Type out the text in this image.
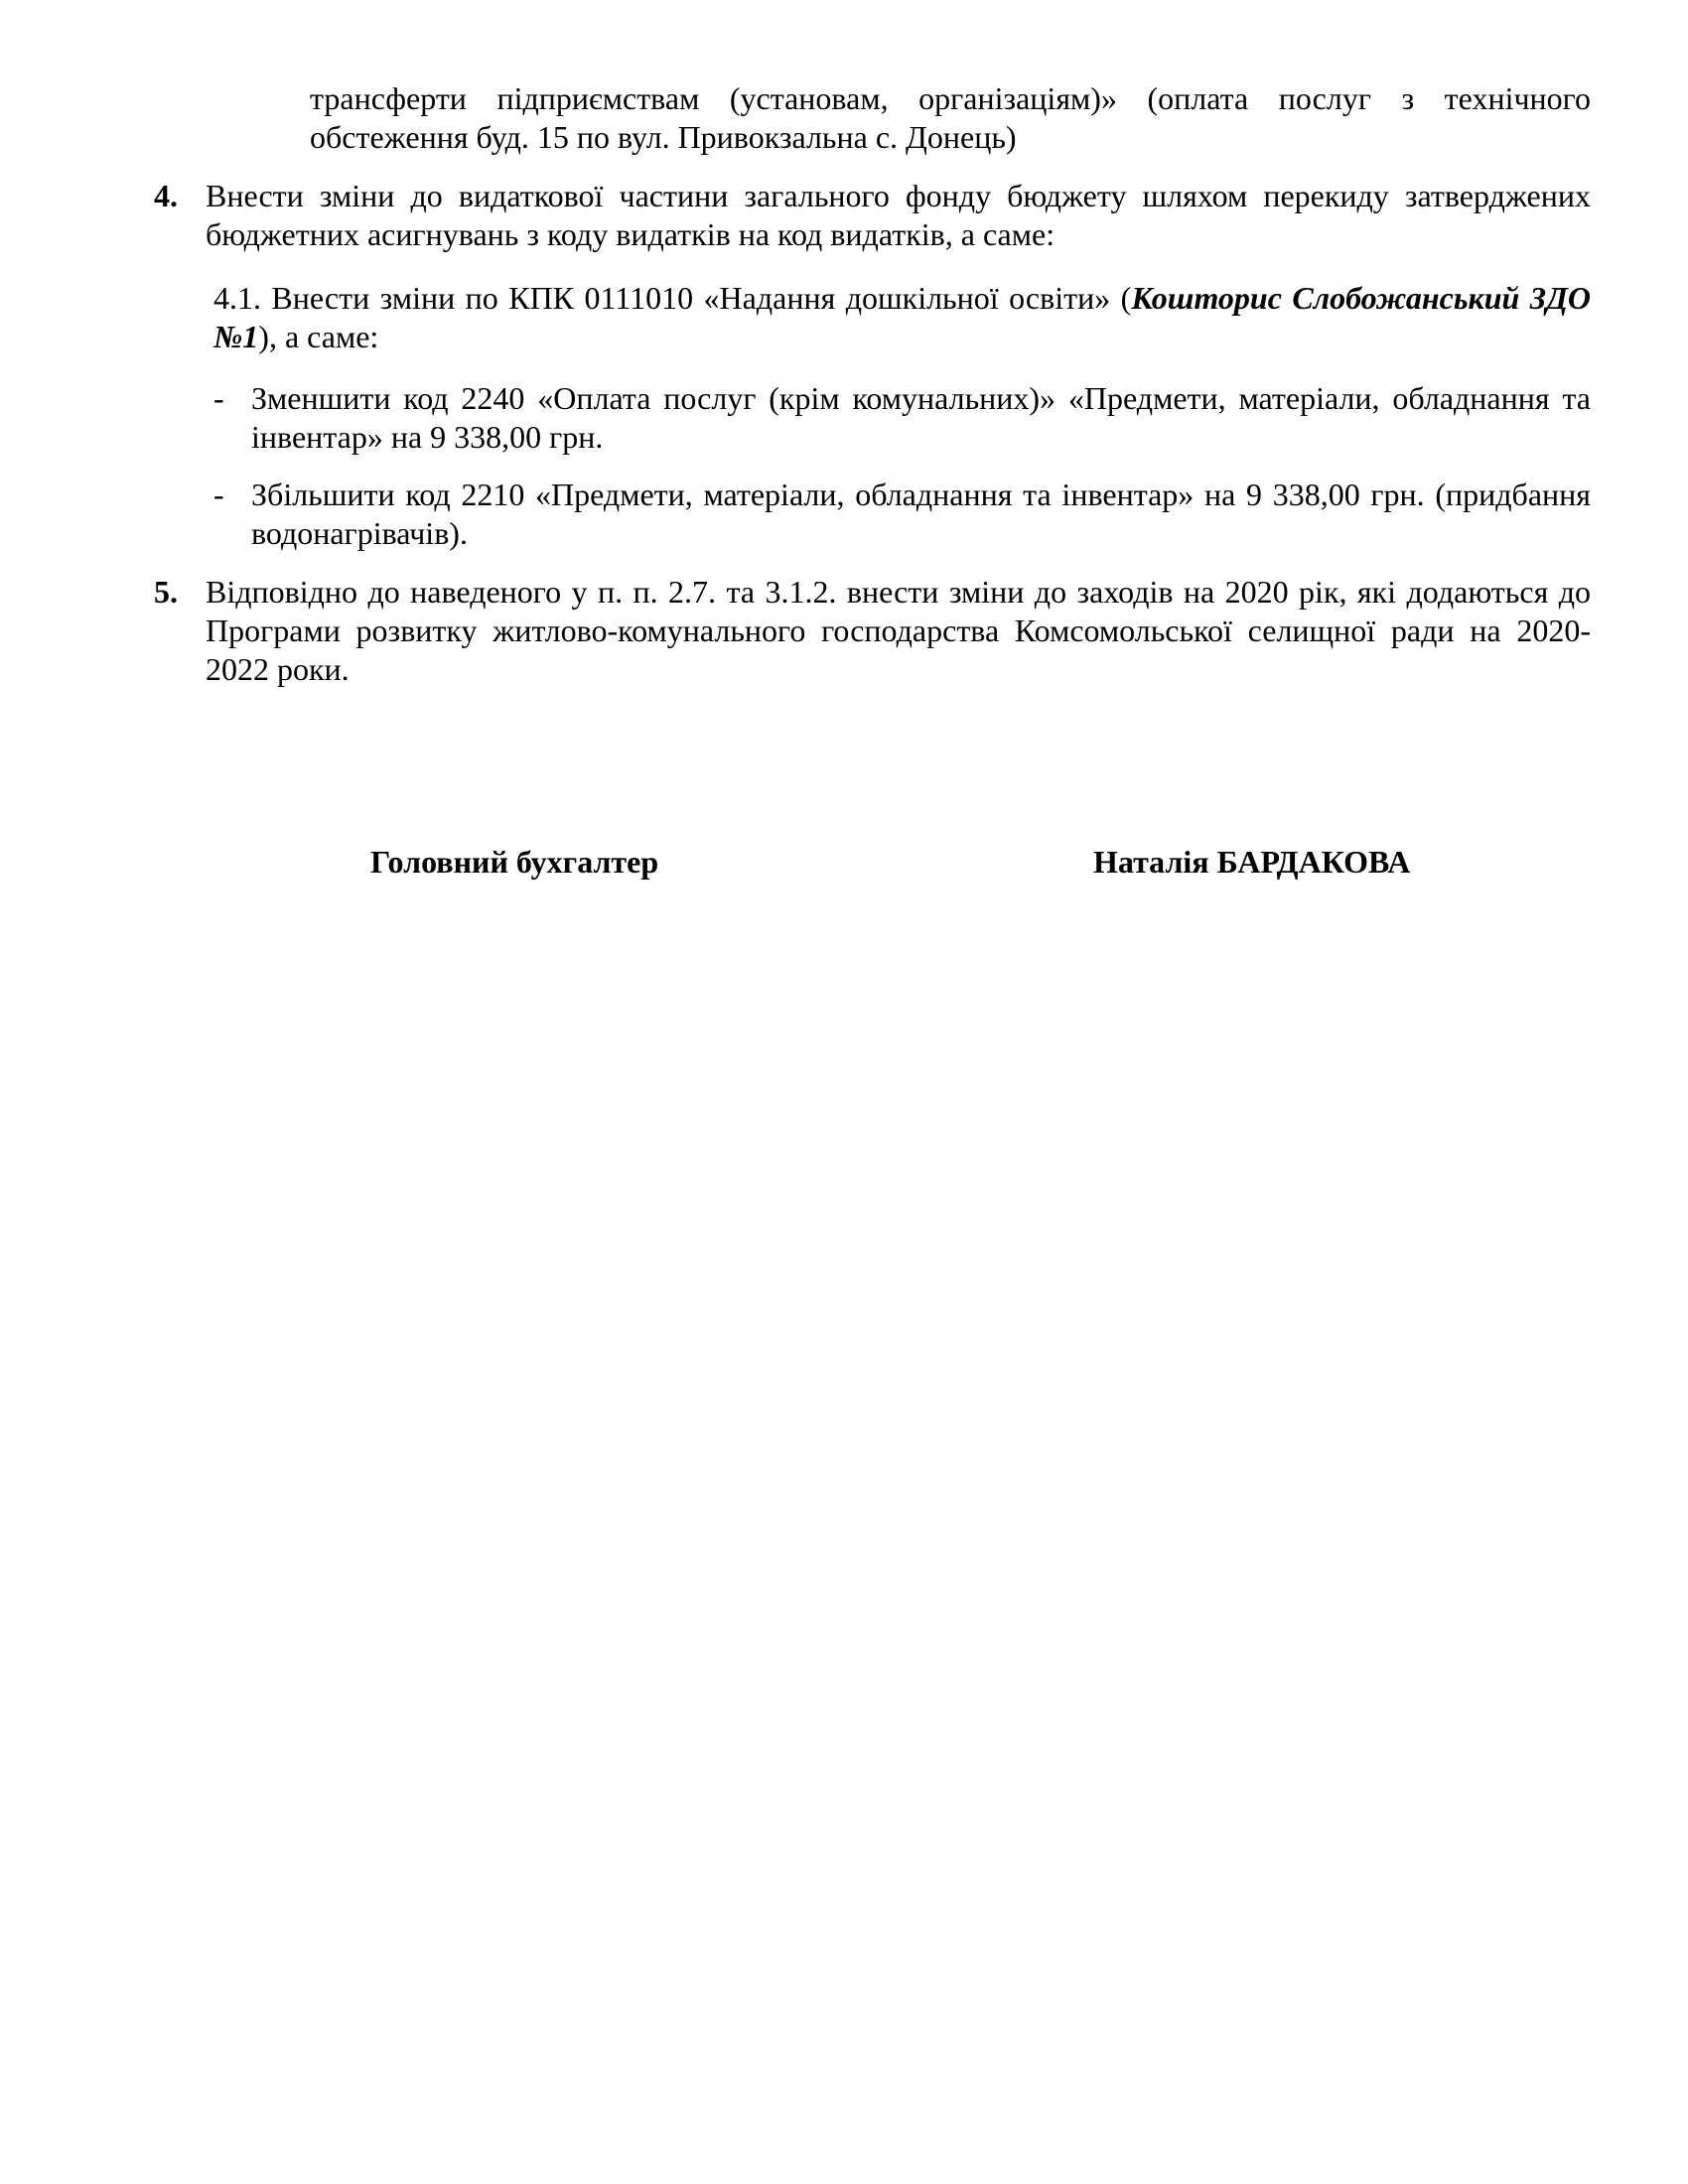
трансферти підприємствам (установам, організаціям)» (оплата послуг з технічного обстеження буд. 15 по вул. Привокзальна с. Донець)
4. Внести зміни до видаткової частини загального фонду бюджету шляхом перекиду затверджених бюджетних асигнувань з коду видатків на код видатків, а саме:
4.1. Внести зміни по КПК 0111010 «Надання дошкільної освіти» (Кошторис Слобожанський ЗДО №1), а саме:
- Зменшити код 2240 «Оплата послуг (крім комунальних)» «Предмети, матеріали, обладнання та інвентар» на 9 338,00 грн.
- Збільшити код 2210 «Предмети, матеріали, обладнання та інвентар» на 9 338,00 грн. (придбання водонагрівачів).
5. Відповідно до наведеного у п. п. 2.7. та 3.1.2. внести зміни до заходів на 2020 рік, які додаються до Програми розвитку житлово-комунального господарства Комсомольської селищної ради на 2020-2022 роки.
Головний бухгалтер	Наталія БАРДАКОВА
